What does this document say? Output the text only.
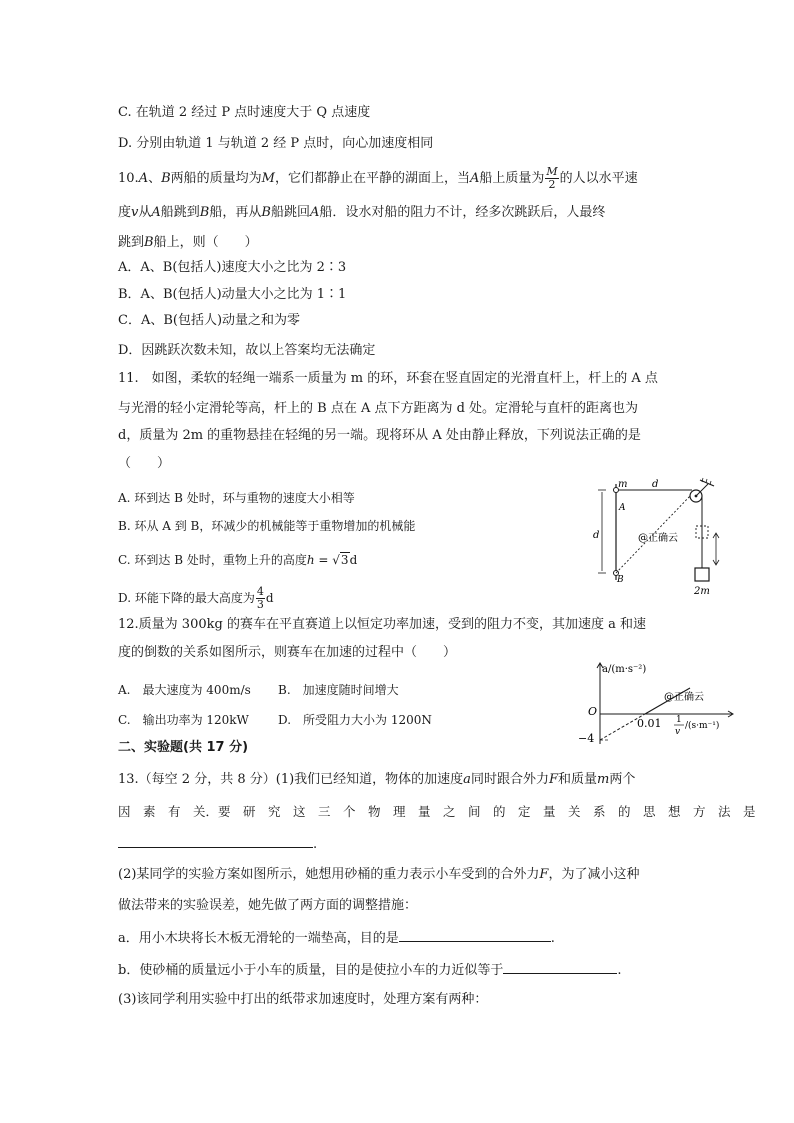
C. 在轨道 2 经过 P 点时速度大于 Q 点速度
D. 分别由轨道 1 与轨道 2 经 P 点时，向心加速度相同
10.A、B两船的质量均为M，它们都静止在平静的湖面上，当A船上质量为 $\frac{M}{2}$ 的人以水平速
度v从A船跳到B船，再从B船跳回A船．设水对船的阻力不计，经多次跳跃后，人最终
跳到B船上，则（　　）
A．A、B(包括人)速度大小之比为 2∶3
B．A、B(包括人)动量大小之比为 1∶1
C．A、B(包括人)动量之和为零
D．因跳跃次数未知，故以上答案均无法确定
11.　如图，柔软的轻绳一端系一质量为 m 的环，环套在竖直固定的光滑直杆上，杆上的 A 点
与光滑的轻小定滑轮等高，杆上的 B 点在 A 点下方距离为 d 处。定滑轮与直杆的距离也为
d，质量为 2m 的重物悬挂在轻绳的另一端。现将环从 A 处由静止释放，下列说法正确的是
（　　）
A. 环到达 B 处时，环与重物的速度大小相等
B. 环从 A 到 B，环减少的机械能等于重物增加的机械能
C. 环到达 B 处时，重物上升的高度h = √3d
D. 环能下降的最大高度为 $\frac{4}{3}$ d
m d
A
d
B
@正确云
2m
12.质量为 300kg 的赛车在平直赛道上以恒定功率加速，受到的阻力不变，其加速度 a 和速
度的倒数的关系如图所示，则赛车在加速的过程中（　　）
A.　最大速度为 400m/s B.　加速度随时间增大
C.　输出功率为 120kW D.　所受阻力大小为 1200N
a/(m·s⁻²)
O
−4
0.01 1
v
/(s·m⁻¹)
@正确云
二、实验题(共 17 分)
13.（每空 2 分，共 8 分）(1)我们已经知道，物体的加速度a同时跟合外力F和质量m两个
因　素　有　关．要　研　究　这　三　个　物　理　量　之　间　的　定　量　关　系　的　思　想　方　法　是
.
(2)某同学的实验方案如图所示，她想用砂桶的重力表示小车受到的合外力F，为了减小这种
做法带来的实验误差，她先做了两方面的调整措施：
a．用小木块将长木板无滑轮的一端垫高，目的是	.
b．使砂桶的质量远小于小车的质量，目的是使拉小车的力近似等于	.
(3)该同学利用实验中打出的纸带求加速度时，处理方案有两种：
